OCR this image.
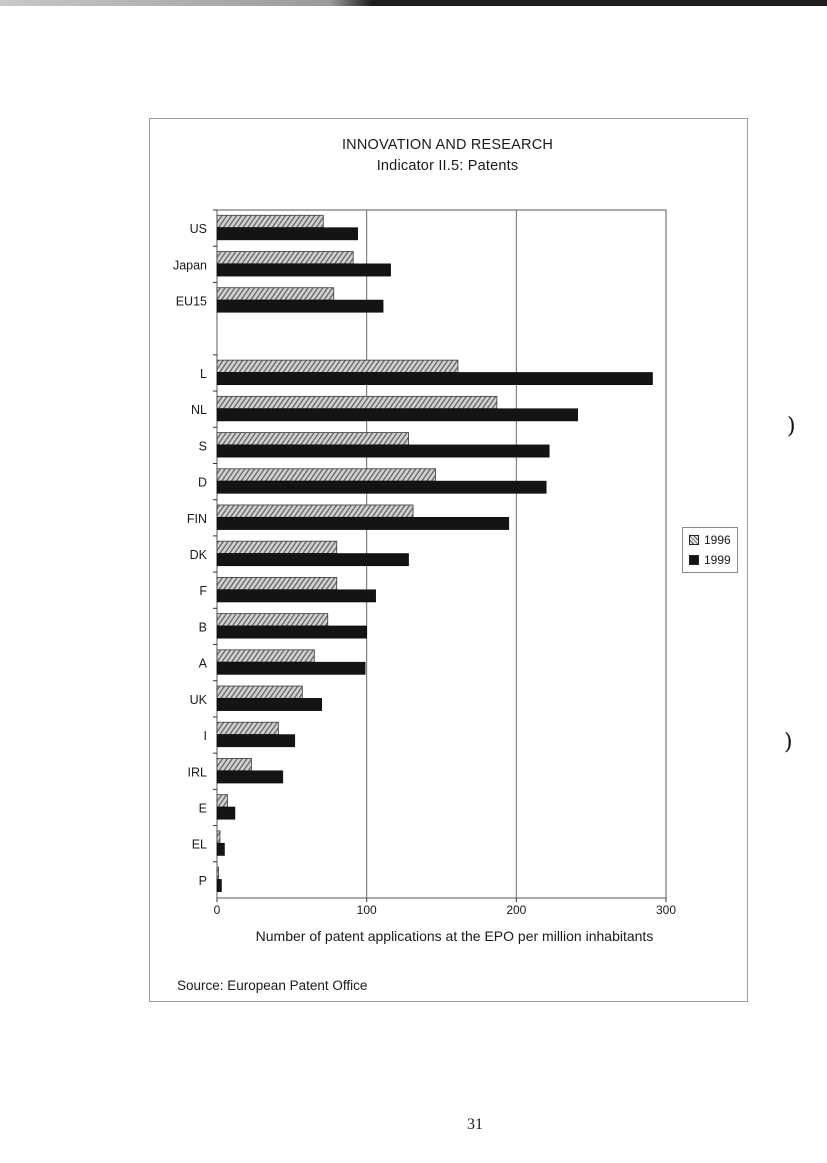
INNOVATION AND RESEARCH
Indicator II.5: Patents
0	100	200	300
US
Japan
EU15
L
NL
S
D
FIN
DK
F
B
A
UK
I
IRL
E
EL
P
Number of patent applications at the EPO per million inhabitants
1996
1999
Source: European Patent Office
31
)
)
